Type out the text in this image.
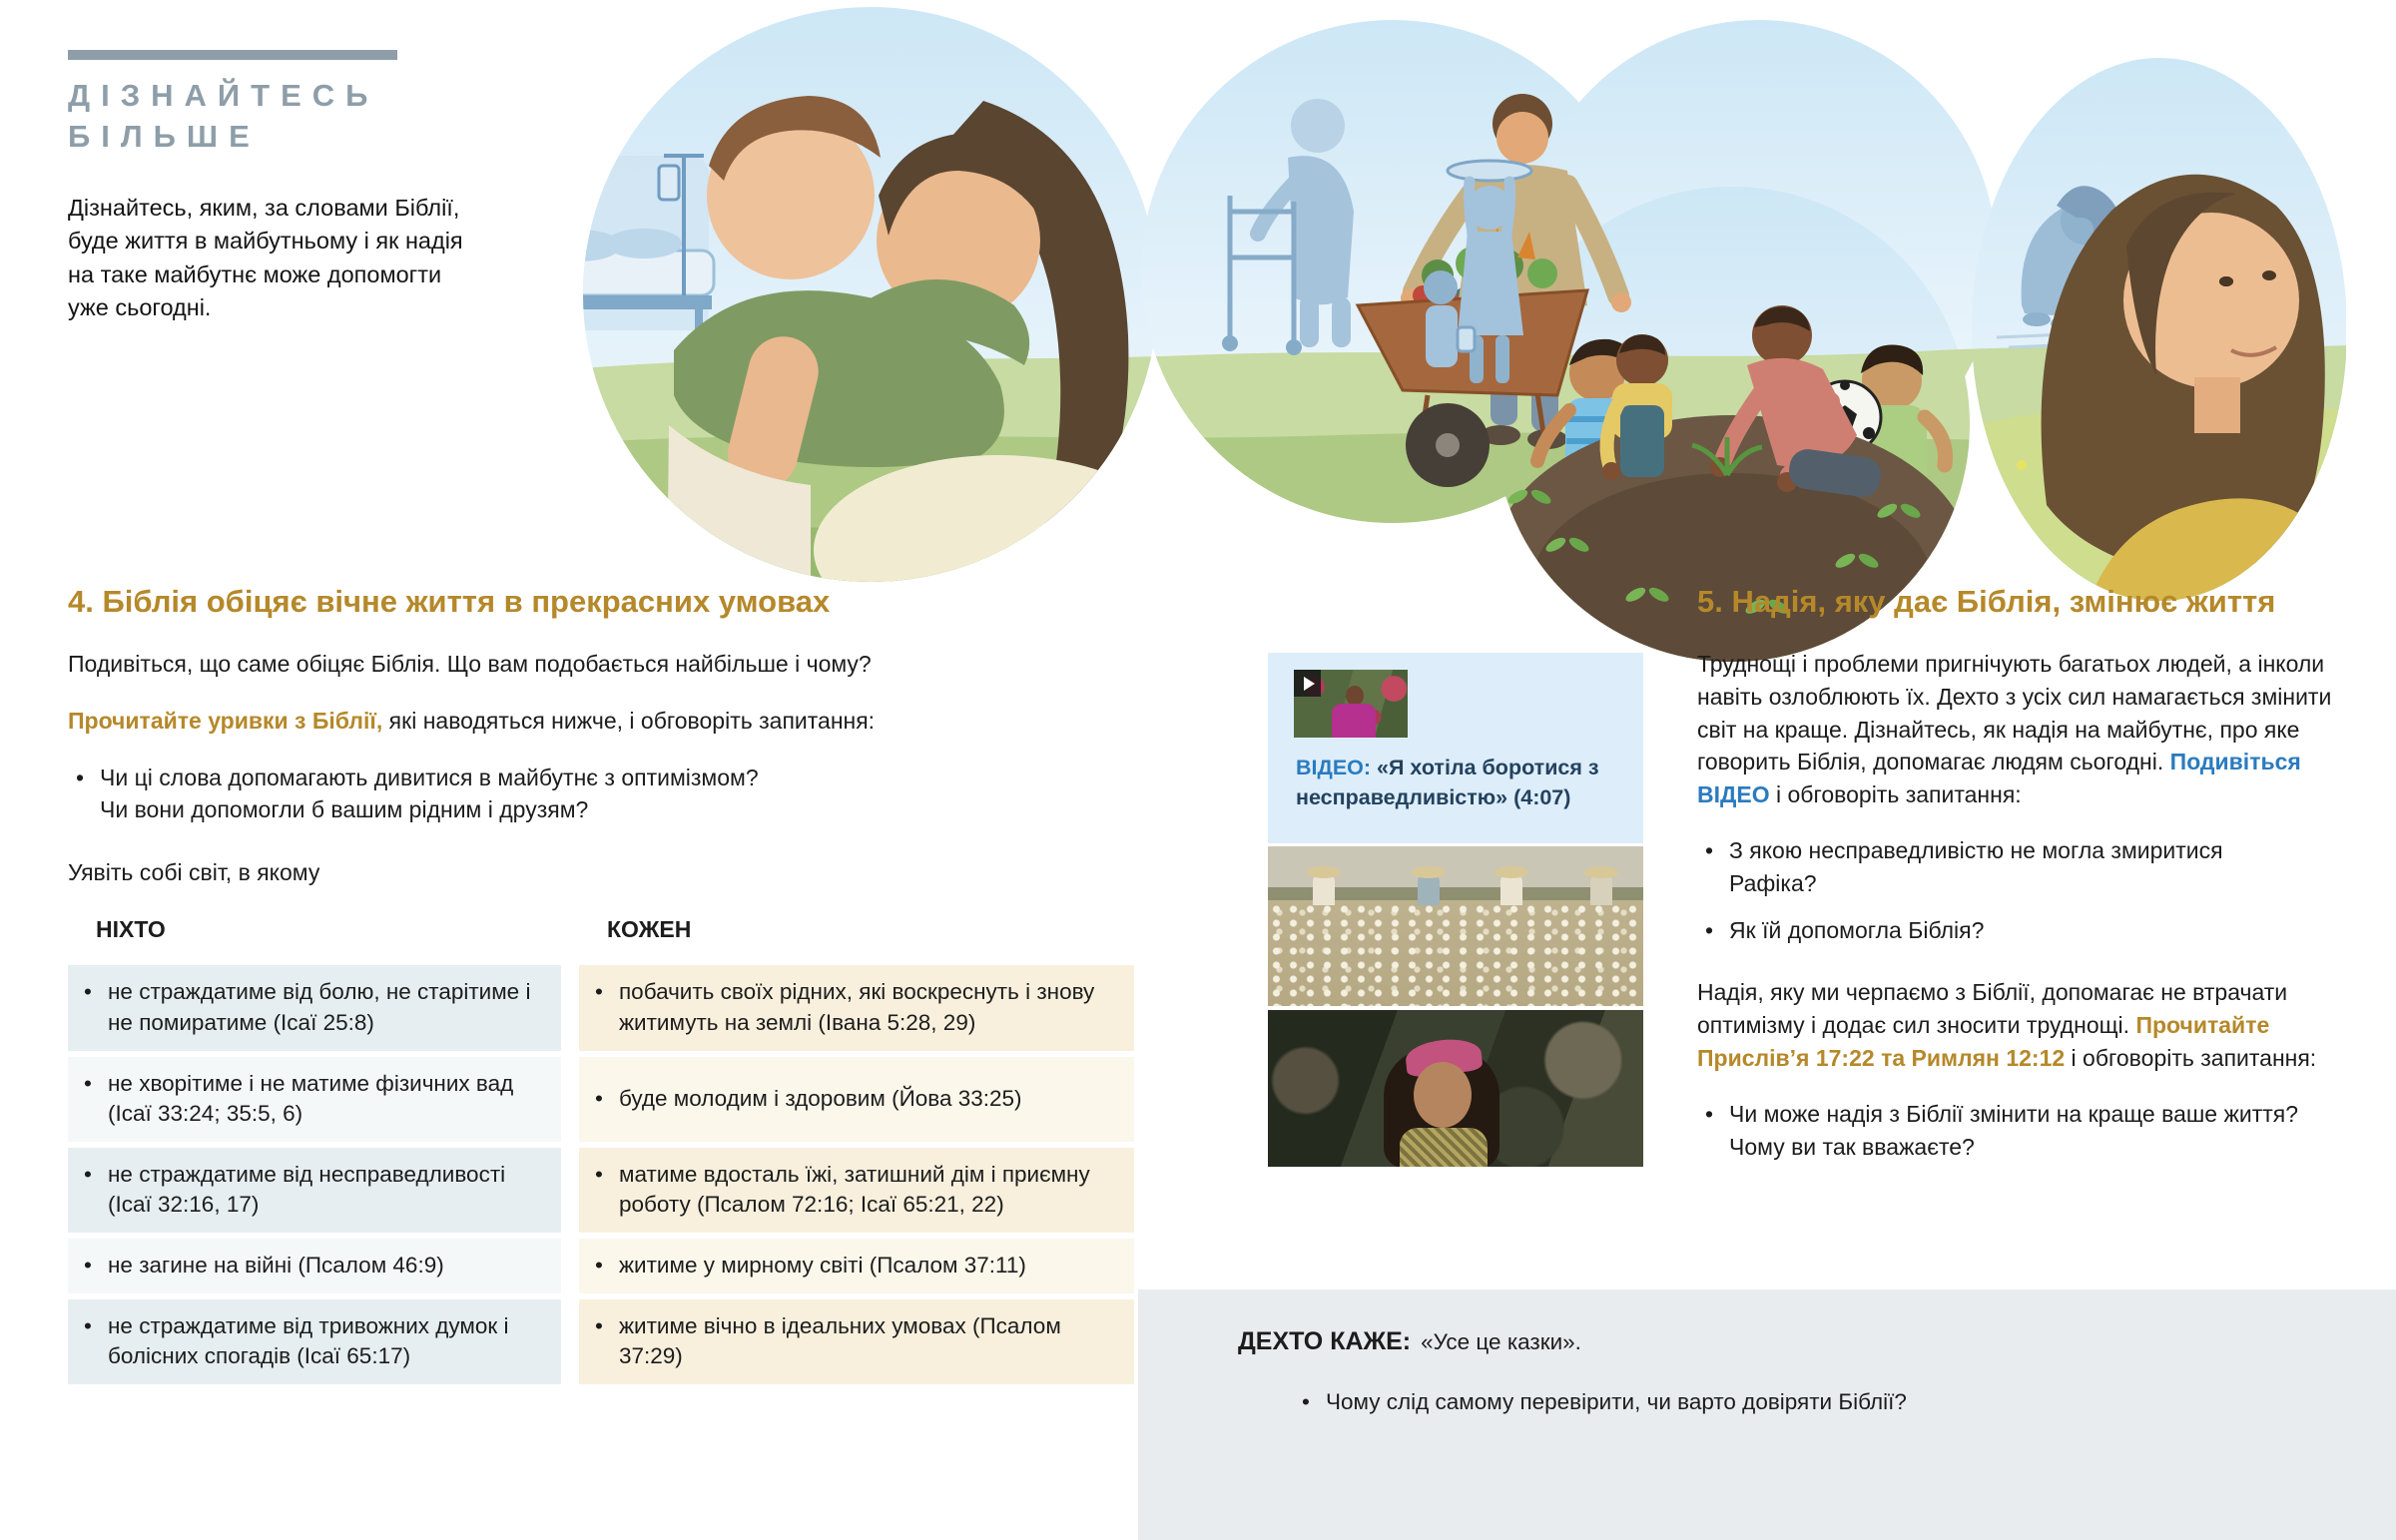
ДІЗНАЙТЕСЬ
БІЛЬШЕ
Дізнайтесь, яким, за словами Біблії, буде життя в майбутньому і як надія на таке майбутнє може допомогти уже сьогодні.
4. Біблія обіцяє вічне життя в прекрасних умовах

Подивіться, що саме обіцяє Біблія. Що вам подобається найбільше і чому?

Прочитайте уривки з Біблії, які наводяться нижче, і обговоріть запитання:

• Чи ці слова допомагають дивитися в майбутнє з оптимізмом? Чи вони допомогли б вашим рідним і друзям?

Уявіть собі світ, в якому

НІХТО	КОЖЕН
• не страждатиме від болю, не старітиме і не помиратиме (Ісаї 25:8)
• побачить своїх рідних, які воскреснуть і знову житимуть на землі (Івана 5:28, 29)
• не хворітиме і не матиме фізичних вад (Ісаї 33:24; 35:5, 6)
• буде молодим і здоровим (Йова 33:25)
• не страждатиме від несправедливості (Ісаї 32:16, 17)
• матиме вдосталь їжі, затишний дім і приємну роботу (Псалом 72:16; Ісаї 65:21, 22)
• не загине на війні (Псалом 46:9)	• житиме у мирному світі (Псалом 37:11)
• не страждатиме від тривожних думок і болісних спогадів (Ісаї 65:17)
• житиме вічно в ідеальних умовах (Псалом 37:29)
ВІДЕО: «Я хотіла боротися з несправедливістю» (4:07)
5. Надія, яку дає Біблія, змінює життя

Труднощі і проблеми пригнічують багатьох людей, а інколи навіть озлоблюють їх. Дехто з усіх сил намагається змінити світ на краще. Дізнайтесь, як надія на майбутнє, про яке говорить Біблія, допомагає людям сьогодні. Подивіться ВІДЕО і обговоріть запитання:

• З якою несправедливістю не могла змиритися Рафіка?
• Як їй допомогла Біблія?

Надія, яку ми черпаємо з Біблії, допомагає не втрачати оптимізму і додає сил зносити труднощі. Прочитайте Прислів’я 17:22 та Римлян 12:12 і обговоріть запитання:

• Чи може надія з Біблії змінити на краще ваше життя? Чому ви так вважаєте?

ДЕХТО КАЖЕ: «Усе це казки».

• Чому слід самому перевірити, чи варто довіряти Біблії?
